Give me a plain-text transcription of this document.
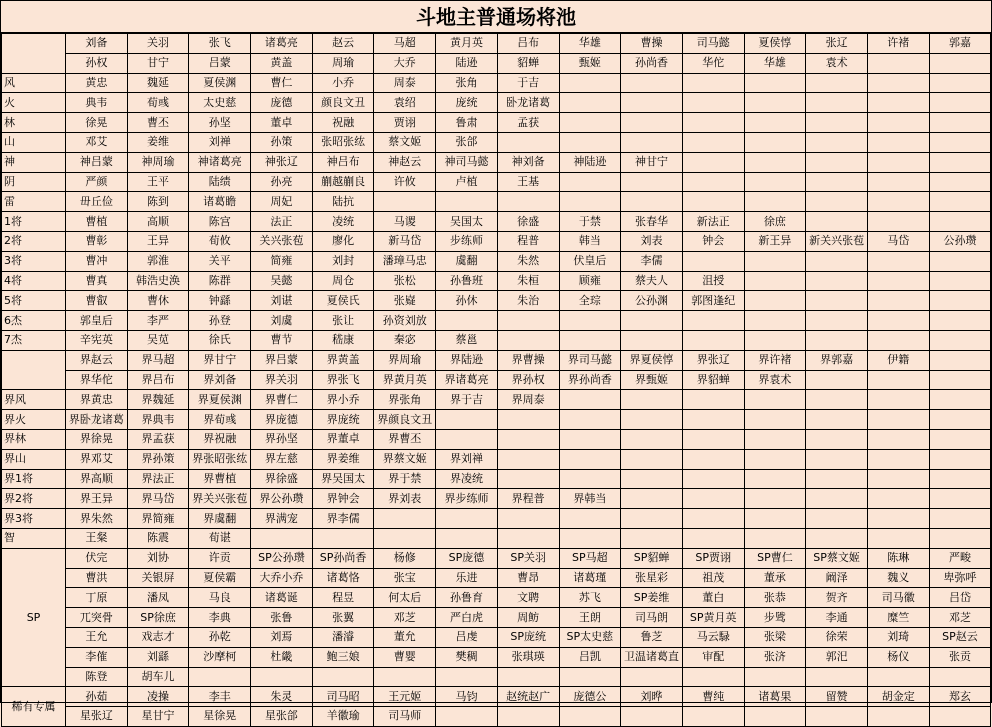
斗地主普通场将池
	刘备	关羽	张飞	诸葛亮	赵云	马超	黄月英	吕布	华雄	曹操	司马懿	夏侯惇	张辽	许褚	郭嘉
	孙权	甘宁	吕蒙	黄盖	周瑜	大乔	陆逊	貂蝉	甄姬	孙尚香	华佗	华雄	袁术		
风	黄忠	魏延	夏侯渊	曹仁	小乔	周泰	张角	于吉							
火	典韦	荀彧	太史慈	庞德	颜良文丑	袁绍	庞统	卧龙诸葛							
林	徐晃	曹丕	孙坚	董卓	祝融	贾诩	鲁肃	孟获							
山	邓艾	姜维	刘禅	孙策	张昭张纮	蔡文姬	张郃								
神	神吕蒙	神周瑜	神诸葛亮	神张辽	神吕布	神赵云	神司马懿	神刘备	神陆逊	神甘宁					
阴	严颜	王平	陆绩	孙亮	蒯越蒯良	许攸	卢植	王基							
雷	毌丘俭	陈到	诸葛瞻	周妃	陆抗										
1将	曹植	高顺	陈宫	法正	凌统	马谡	吴国太	徐盛	于禁	张春华	新法正	徐庶			
2将	曹彰	王异	荀攸	关兴张苞	廖化	新马岱	步练师	程普	韩当	刘表	钟会	新王异	新关兴张苞	马岱	公孙瓒
3将	曹冲	郭淮	关平	简雍	刘封	潘璋马忠	虞翻	朱然	伏皇后	李儒					
4将	曹真	韩浩史涣	陈群	吴懿	周仓	张松	孙鲁班	朱桓	顾雍	蔡夫人	沮授				
5将	曹叡	曹休	钟繇	刘谌	夏侯氏	张嶷	孙休	朱治	全琮	公孙渊	郭图逢纪				
6杰	郭皇后	李严	孙登	刘虞	张让	孙资刘放									
7杰	辛宪英	吴苋	徐氏	曹节	嵇康	秦宓	蔡邕								
	界赵云	界马超	界甘宁	界吕蒙	界黄盖	界周瑜	界陆逊	界曹操	界司马懿	界夏侯惇	界张辽	界许褚	界郭嘉	伊籍	
	界华佗	界吕布	界刘备	界关羽	界张飞	界黄月英	界诸葛亮	界孙权	界孙尚香	界甄姬	界貂蝉	界袁术			
界风	界黄忠	界魏延	界夏侯渊	界曹仁	界小乔	界张角	界于吉	界周泰							
界火	界卧龙诸葛	界典韦	界荀彧	界庞德	界庞统	界颜良文丑									
界林	界徐晃	界孟获	界祝融	界孙坚	界董卓	界曹丕									
界山	界邓艾	界孙策	界张昭张纮	界左慈	界姜维	界蔡文姬	界刘禅								
界1将	界高顺	界法正	界曹植	界徐盛	界吴国太	界于禁	界凌统								
界2将	界王异	界马岱	界关兴张苞	界公孙瓒	界钟会	界刘表	界步练师	界程普	界韩当						
界3将	界朱然	界简雍	界虞翻	界满宠	界李儒										
智	王粲	陈震	荀谌												
SP	伏完	刘协	许贡	SP公孙瓒	SP孙尚香	杨修	SP庞德	SP关羽	SP马超	SP貂蝉	SP贾诩	SP曹仁	SP蔡文姬	陈琳	严畯
	曹洪	关银屏	夏侯霸	大乔小乔	诸葛恪	张宝	乐进	曹昂	诸葛瑾	张星彩	祖茂	董承	阚泽	魏义	卑弥呼
	丁原	潘凤	马良	诸葛诞	程昱	何太后	孙鲁育	文聘	苏飞	SP姜维	董白	张恭	贺齐	司马徽	吕岱
	兀突骨	SP徐庶	李典	张鲁	张翼	邓芝	严白虎	周鲂	王朗	司马朗	SP黄月英	步骘	李通	糜竺	邓芝
	王允	戏志才	孙乾	刘焉	潘濬	董允	吕虔	SP庞统	SP太史慈	鲁芝	马云騄	张梁	徐荣	刘琦	SP赵云
	李傕	刘繇	沙摩柯	杜畿	鲍三娘	曹婴	樊稠	张琪瑛	吕凯	卫温诸葛直	审配	张济	郭汜	杨仪	张贡
	陈登	胡车儿													
稀有专属	孙茹	凌操	李丰	朱灵	司马昭	王元姬	马钧	赵统赵广	庞德公	刘晔	曹纯	诸葛果	留赞	胡金定	郑玄
	星张辽	星甘宁	星徐晃	星张郃	羊徽瑜	司马师									
